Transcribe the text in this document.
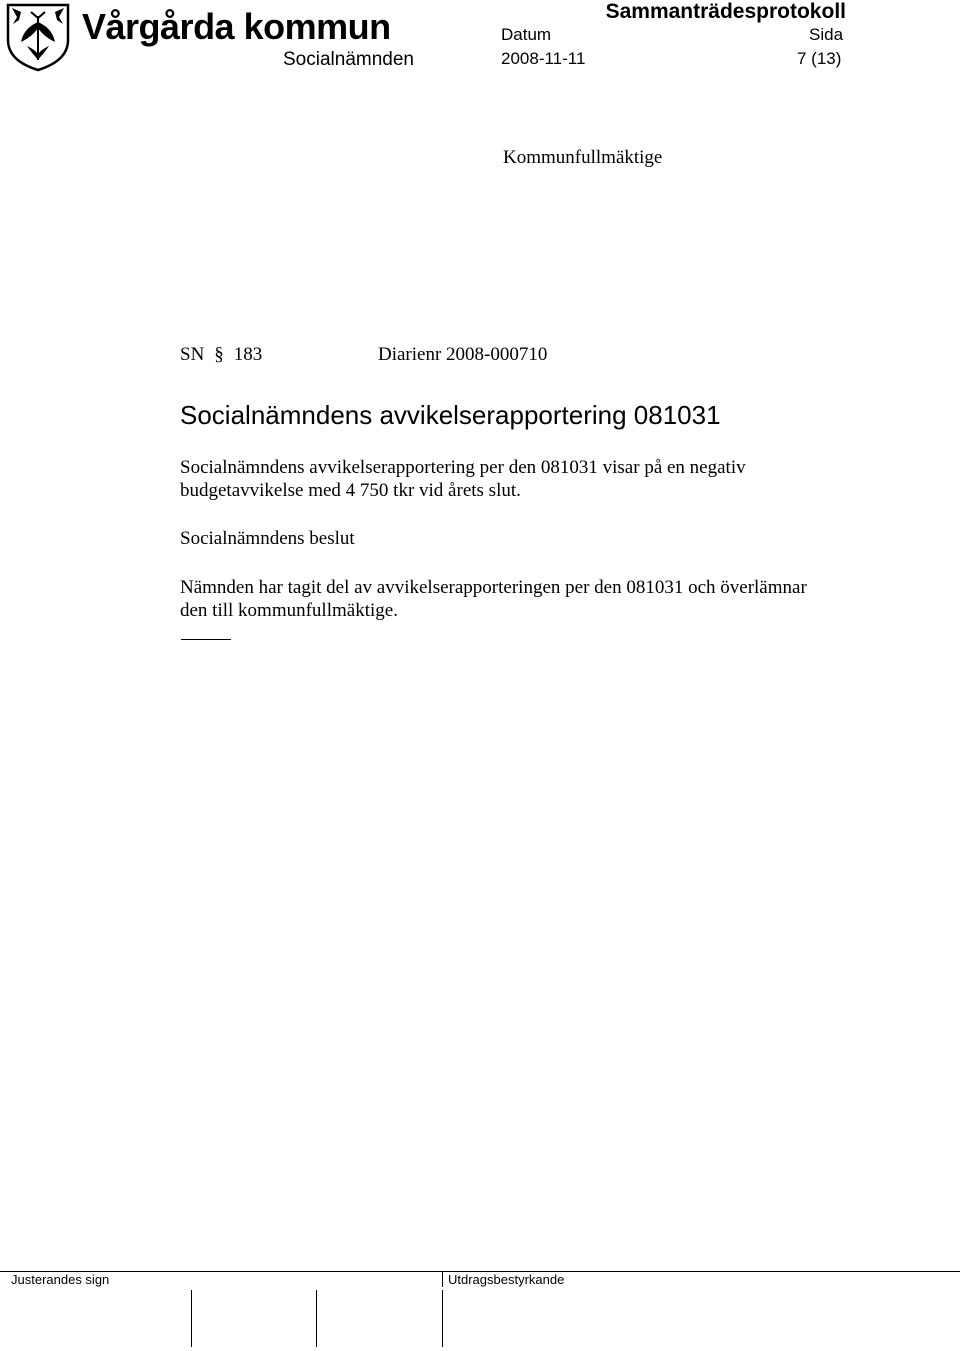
Vårgårda kommun
Socialnämnden
Sammanträdesprotokoll
Datum	Sida
2008-11-11	7 (13)
Kommunfullmäktige
SN § 183	Diarienr 2008-000710
Socialnämndens avvikelserapportering 081031
Socialnämndens avvikelserapportering per den 081031 visar på en negativ budgetavvikelse med 4 750 tkr vid årets slut.
Socialnämndens beslut
Nämnden har tagit del av avvikelserapporteringen per den 081031 och överlämnar den till kommunfullmäktige.
Justerandes sign	Utdragsbestyrkande
